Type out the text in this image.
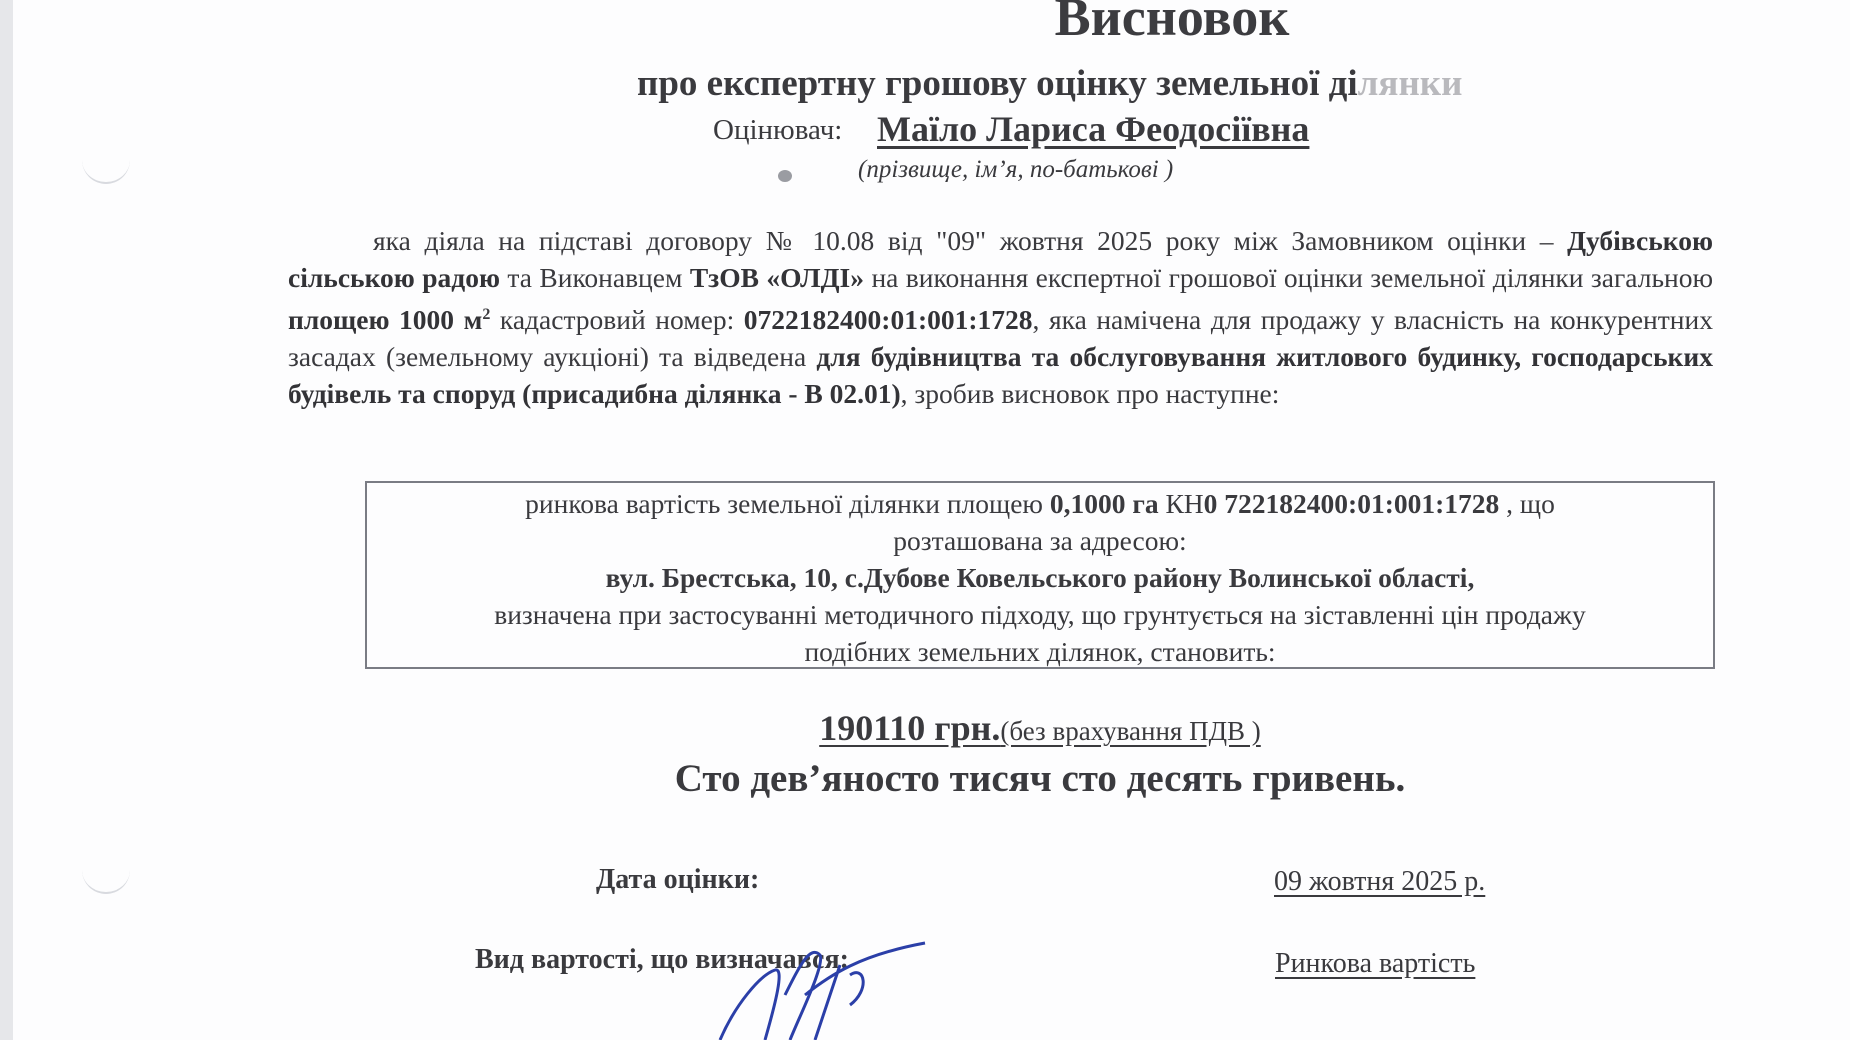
Висновок
про експертну грошову оцінку земельної ділянки
Оцінювач: Маїло Лариса Феодосіївна
(прізвище, ім’я, по-батькові )
яка діяла на підставі договору № 10.08 від "09" жовтня 2025 року між Замовником оцінки – Дубівською сільською радою та Виконавцем ТзОВ «ОЛДІ» на виконання експертної грошової оцінки земельної ділянки загальною площею 1000 $м^2$ кадастровий номер: 0722182400:01:001:1728, яка намічена для продажу у власність на конкурентних засадах (земельному аукціоні) та відведена для будівництва та обслуговування житлового будинку, господарських будівель та споруд (присадибна ділянка - В 02.01), зробив висновок про наступне:
ринкова вартість земельної ділянки площею 0,1000 га КН0 722182400:01:001:1728 , що
розташована за адресою:
вул. Брестська, 10, с.Дубове Ковельського району Волинської області,
визначена при застосуванні методичного підходу, що грунтується на зіставленні цін продажу
подібних земельних ділянок, становить:
190110 грн.(без врахування ПДВ )
Сто дев’яносто тисяч сто десять гривень.
Дата оцінки:	09 жовтня 2025 р.
Вид вартості, що визначався:	Ринкова вартість
